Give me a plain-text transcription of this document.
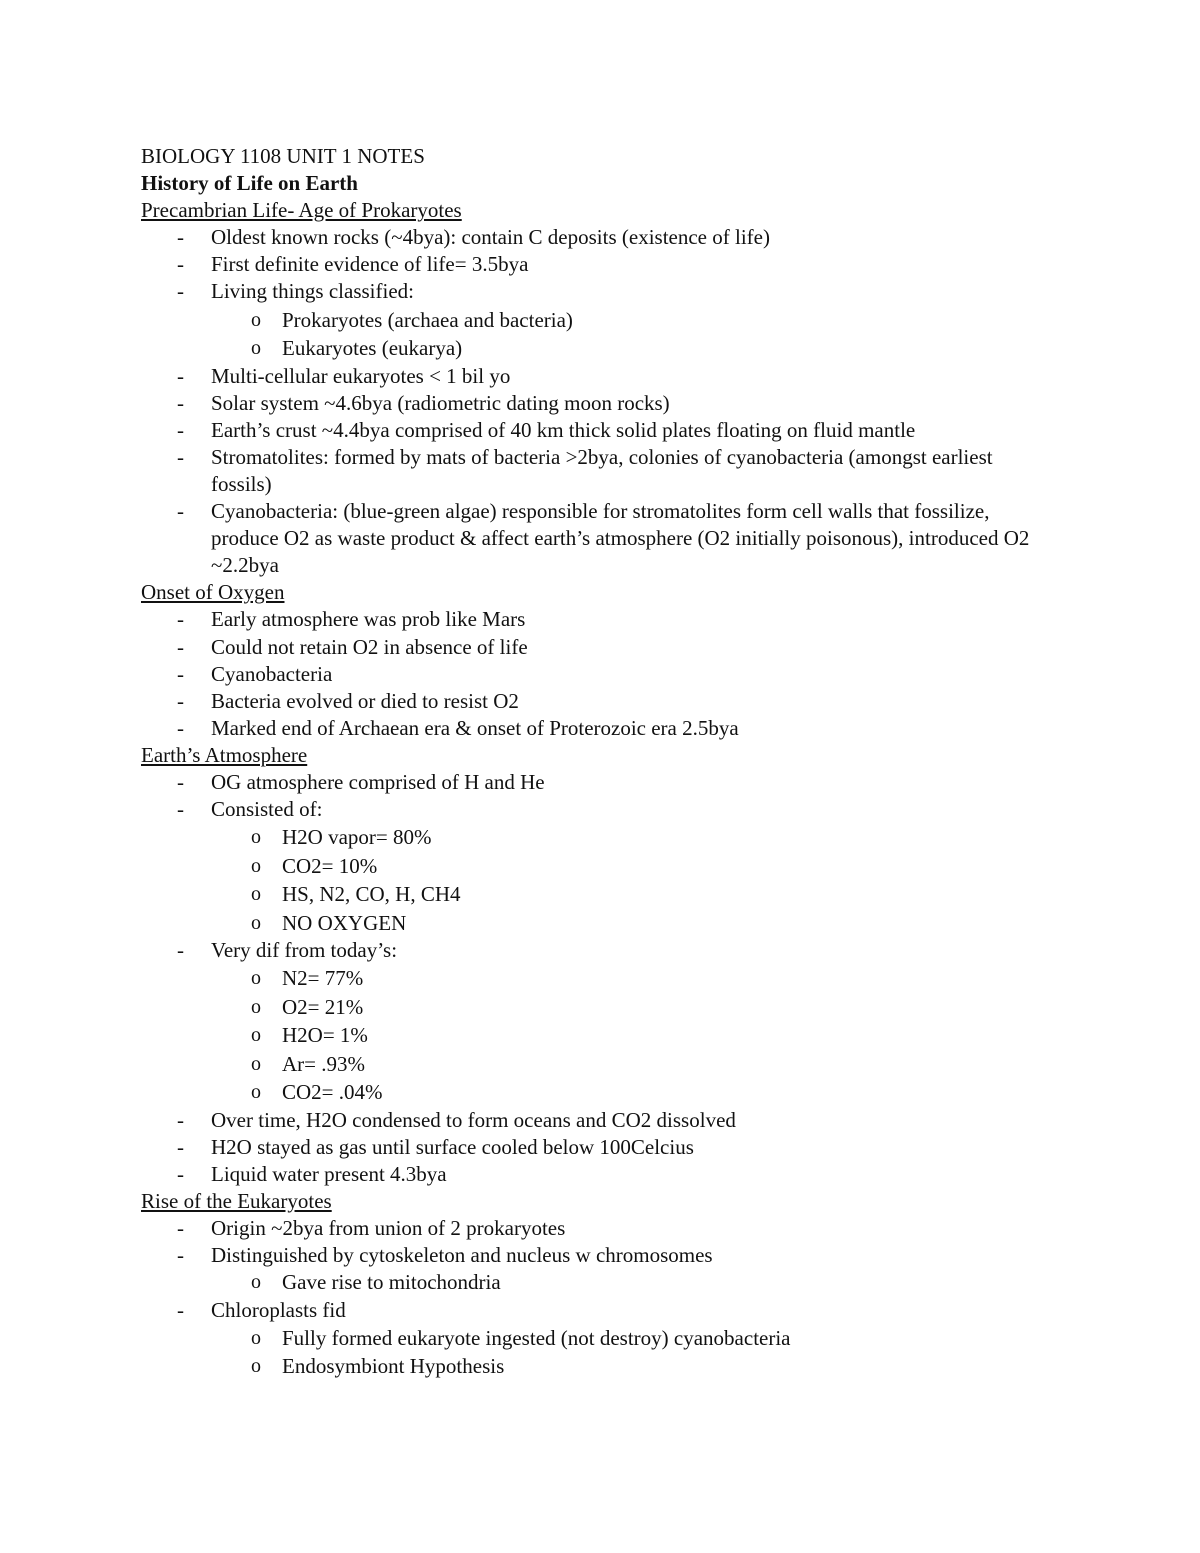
BIOLOGY 1108 UNIT 1 NOTES
History of Life on Earth
Precambrian Life- Age of Prokaryotes
- Oldest known rocks (~4bya): contain C deposits (existence of life)
- First definite evidence of life= 3.5bya
- Living things classified:
o Prokaryotes (archaea and bacteria)
o Eukaryotes (eukarya)
- Multi-cellular eukaryotes < 1 bil yo
- Solar system ~4.6bya (radiometric dating moon rocks)
- Earth’s crust ~4.4bya comprised of 40 km thick solid plates floating on fluid mantle
- Stromatolites: formed by mats of bacteria >2bya, colonies of cyanobacteria (amongst earliest fossils)
- Cyanobacteria: (blue-green algae) responsible for stromatolites form cell walls that fossilize, produce O2 as waste product & affect earth’s atmosphere (O2 initially poisonous), introduced O2 ~2.2bya
Onset of Oxygen
- Early atmosphere was prob like Mars
- Could not retain O2 in absence of life
- Cyanobacteria
- Bacteria evolved or died to resist O2
- Marked end of Archaean era & onset of Proterozoic era 2.5bya
Earth’s Atmosphere
- OG atmosphere comprised of H and He
- Consisted of:
o H2O vapor= 80%
o CO2= 10%
o HS, N2, CO, H, CH4
o NO OXYGEN
- Very dif from today’s:
o N2= 77%
o O2= 21%
o H2O= 1%
o Ar= .93%
o CO2= .04%
- Over time, H2O condensed to form oceans and CO2 dissolved
- H2O stayed as gas until surface cooled below 100Celcius
- Liquid water present 4.3bya
Rise of the Eukaryotes
- Origin ~2bya from union of 2 prokaryotes
- Distinguished by cytoskeleton and nucleus w chromosomes
o Gave rise to mitochondria
- Chloroplasts fid
o Fully formed eukaryote ingested (not destroy) cyanobacteria
o Endosymbiont Hypothesis
